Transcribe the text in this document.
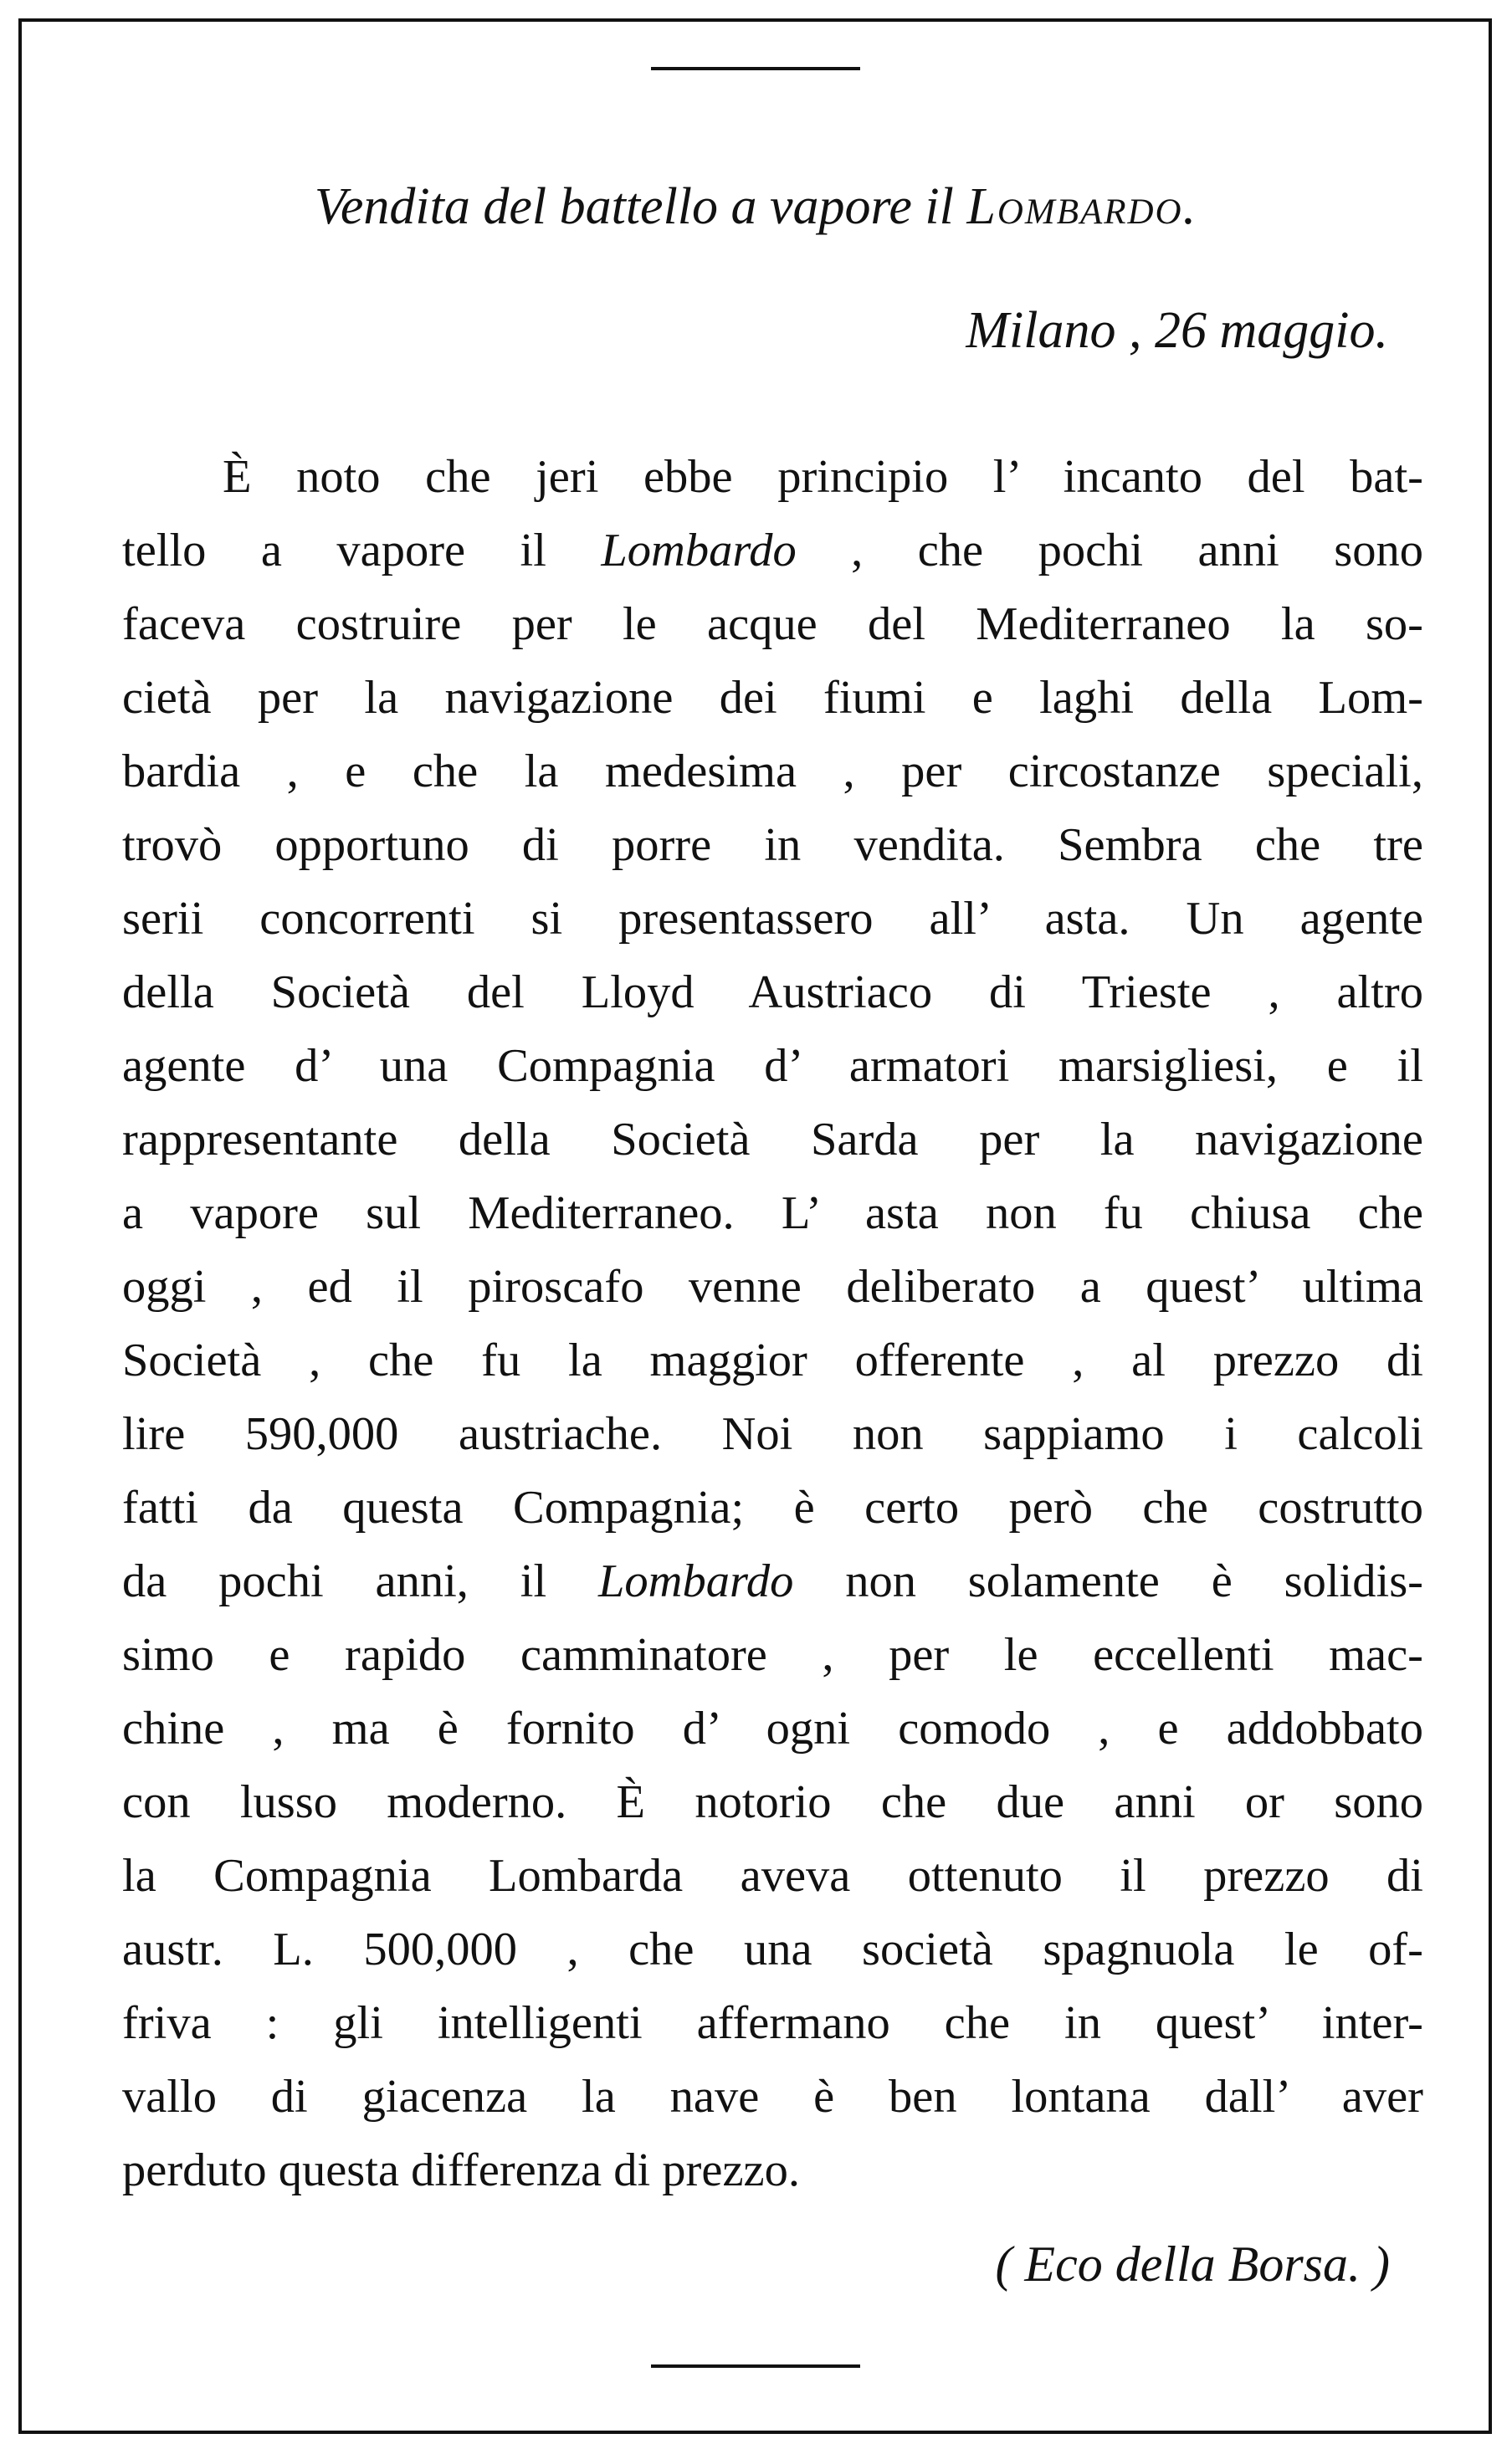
Vendita del battello a vapore il Lombardo.
Milano , 26 maggio.
È noto che jeri ebbe principio l’ incanto del bat-
tello a vapore il Lombardo , che pochi anni sono
faceva costruire per le acque del Mediterraneo la so-
cietà per la navigazione dei fiumi e laghi della Lom-
bardia , e che la medesima , per circostanze speciali,
trovò opportuno di porre in vendita. Sembra che tre
serii concorrenti si presentassero all’ asta. Un agente
della Società del Lloyd Austriaco di Trieste , altro
agente d’ una Compagnia d’ armatori marsigliesi, e il
rappresentante della Società Sarda per la navigazione
a vapore sul Mediterraneo. L’ asta non fu chiusa che
oggi , ed il piroscafo venne deliberato a quest’ ultima
Società , che fu la maggior offerente , al prezzo di
lire 590,000 austriache. Noi non sappiamo i calcoli
fatti da questa Compagnia; è certo però che costrutto
da pochi anni, il Lombardo non solamente è solidis-
simo e rapido camminatore , per le eccellenti mac-
chine , ma è fornito d’ ogni comodo , e addobbato
con lusso moderno. È notorio che due anni or sono
la Compagnia Lombarda aveva ottenuto il prezzo di
austr. L. 500,000 , che una società spagnuola le of-
friva : gli intelligenti affermano che in quest’ inter-
vallo di giacenza la nave è ben lontana dall’ aver
perduto questa differenza di prezzo.
( Eco della Borsa. )
